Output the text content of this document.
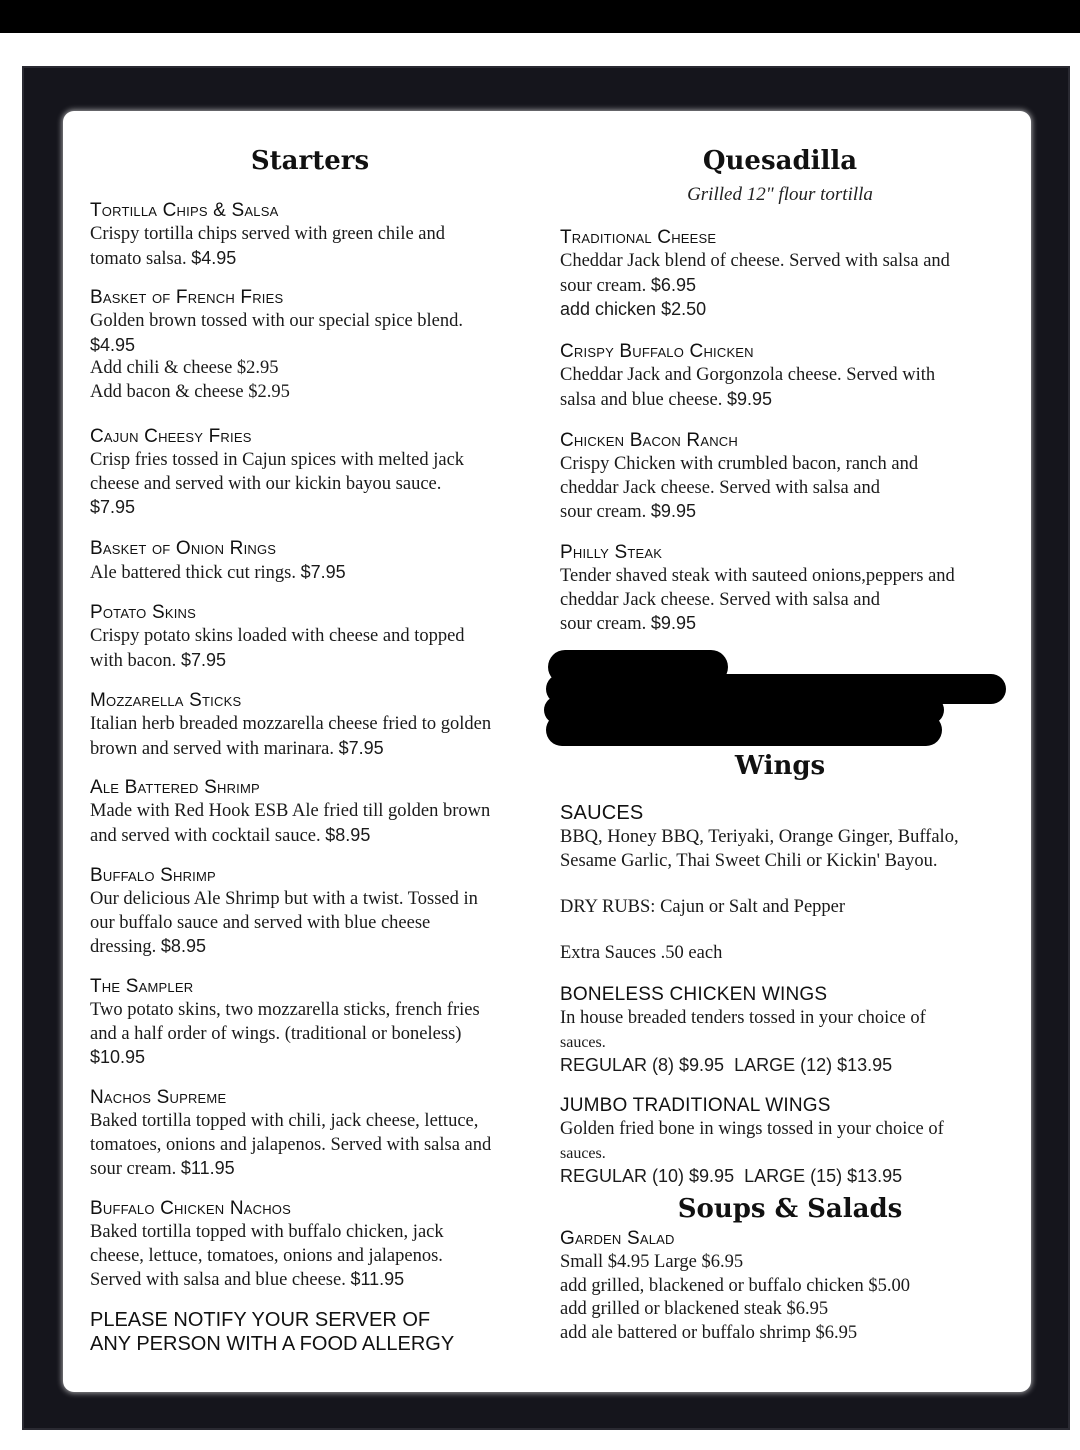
Starters
Tortilla Chips & Salsa
Crispy tortilla chips served with green chile and
tomato salsa. $4.95
Basket of French Fries
Golden brown tossed with our special spice blend.
$4.95
Add chili & cheese $2.95
Add bacon & cheese $2.95
Cajun Cheesy Fries
Crisp fries tossed in Cajun spices with melted jack
cheese and served with our kickin bayou sauce.
$7.95
Basket of Onion Rings
Ale battered thick cut rings. $7.95
Potato Skins
Crispy potato skins loaded with cheese and topped
with bacon. $7.95
Mozzarella Sticks
Italian herb breaded mozzarella cheese fried to golden
brown and served with marinara. $7.95
Ale Battered Shrimp
Made with Red Hook ESB Ale fried till golden brown
and served with cocktail sauce. $8.95
Buffalo Shrimp
Our delicious Ale Shrimp but with a twist. Tossed in
our buffalo sauce and served with blue cheese
dressing. $8.95
The Sampler
Two potato skins, two mozzarella sticks, french fries
and a half order of wings. (traditional or boneless)
$10.95
Nachos Supreme
Baked tortilla topped with chili, jack cheese, lettuce,
tomatoes, onions and jalapenos. Served with salsa and
sour cream. $11.95
Buffalo Chicken Nachos
Baked tortilla topped with buffalo chicken, jack
cheese, lettuce, tomatoes, onions and jalapenos.
Served with salsa and blue cheese. $11.95
PLEASE NOTIFY YOUR SERVER OF
ANY PERSON WITH A FOOD ALLERGY
Quesadilla
Grilled 12" flour tortilla
Traditional Cheese
Cheddar Jack blend of cheese. Served with salsa and
sour cream. $6.95
add chicken $2.50
Crispy Buffalo Chicken
Cheddar Jack and Gorgonzola cheese. Served with
salsa and blue cheese. $9.95
Chicken Bacon Ranch
Crispy Chicken with crumbled bacon, ranch and
cheddar Jack cheese. Served with salsa and
sour cream. $9.95
Philly Steak
Tender shaved steak with sauteed onions,peppers and
cheddar Jack cheese. Served with salsa and
sour cream. $9.95
Wings
SAUCES
BBQ, Honey BBQ, Teriyaki, Orange Ginger, Buffalo,
Sesame Garlic, Thai Sweet Chili or Kickin' Bayou.
DRY RUBS: Cajun or Salt and Pepper
Extra Sauces .50 each
BONELESS CHICKEN WINGS
In house breaded tenders tossed in your choice of
sauces.
REGULAR (8) $9.95  LARGE (12) $13.95
JUMBO TRADITIONAL WINGS
Golden fried bone in wings tossed in your choice of
sauces.
REGULAR (10) $9.95  LARGE (15) $13.95
Soups & Salads
Garden Salad
Small $4.95 Large $6.95
add grilled, blackened or buffalo chicken $5.00
add grilled or blackened steak $6.95
add ale battered or buffalo shrimp $6.95
